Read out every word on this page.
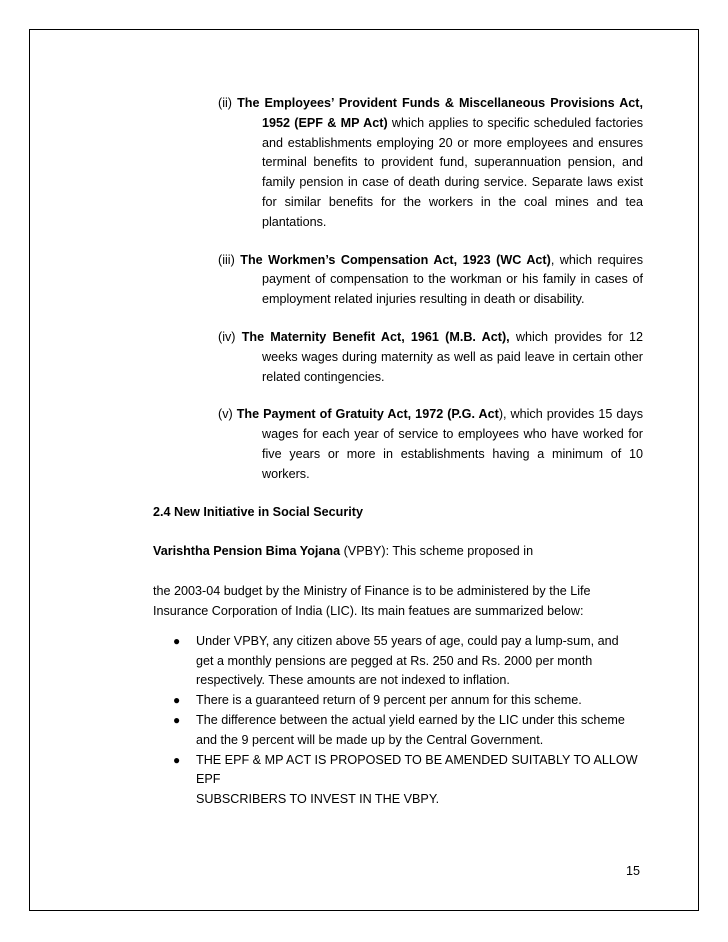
(ii) The Employees’ Provident Funds & Miscellaneous Provisions Act, 1952 (EPF & MP Act) which applies to specific scheduled factories and establishments employing 20 or more employees and ensures terminal benefits to provident fund, superannuation pension, and family pension in case of death during service. Separate laws exist for similar benefits for the workers in the coal mines and tea plantations.
(iii) The Workmen’s Compensation Act, 1923 (WC Act), which requires payment of compensation to the workman or his family in cases of employment related injuries resulting in death or disability.
(iv) The Maternity Benefit Act, 1961 (M.B. Act), which provides for 12 weeks wages during maternity as well as paid leave in certain other related contingencies.
(v) The Payment of Gratuity Act, 1972 (P.G. Act), which provides 15 days wages for each year of service to employees who have worked for five years or more in establishments having a minimum of 10 workers.
2.4 New Initiative in Social Security
Varishtha Pension Bima Yojana (VPBY): This scheme proposed in

the 2003-04 budget by the Ministry of Finance is to be administered by the Life

Insurance Corporation of India (LIC). Its main featues are summarized below:

● Under VPBY, any citizen above 55 years of age, could pay a lump-sum, and
get a monthly pensions are pegged at Rs. 250 and Rs. 2000 per month
respectively. These amounts are not indexed to inflation.
● There is a guaranteed return of 9 percent per annum for this scheme.
● The difference between the actual yield earned by the LIC under this scheme
and the 9 percent will be made up by the Central Government.
● THE EPF & MP ACT IS PROPOSED TO BE AMENDED SUITABLY TO ALLOW EPF
SUBSCRIBERS TO INVEST IN THE VBPY.
15
